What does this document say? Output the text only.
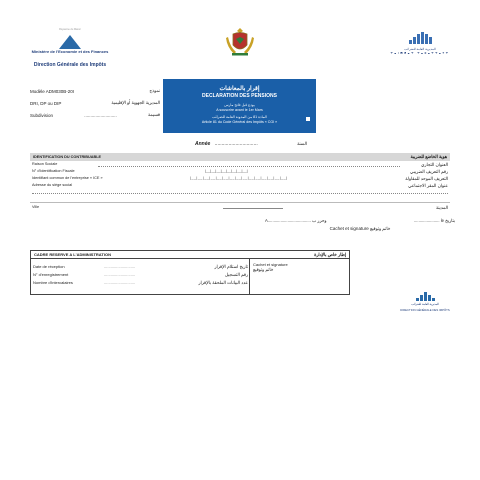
Royaume du Maroc
Ministère de l'Economie et des Finances
Direction Générale des Impôts
المديرية العامة للضرائب
ⵜⴰⵏⴱⴹⴰⵜ ⵜⴰⵎⴰⵜⵜⴰⵢⵜ
Modèle ADM030B-20I	نموذج
DRI, DP ou DIP	المديرية الجهوية أو الإقليمية
Subdivision	..........................	قسيمة
إقرار بالمعاشات
DECLARATION DES PENSIONS
يودع قبل فاتح مارس
A souscrire avant le 1er Mars
المادة 81 من المدونة العامة للضرائب
Article 81 du Code Général des Impôts « CGI »
Année ...............................	السنة
IDENTIFICATION DU CONTRIBUABLE	هوية الخاضع للضريبة
Raison Sociale	العنوان التجاري
N° d'Identification Fiscale	|__|__|__|__|__|__|__|__|	رقم التعريف الضريبي
Identifiant commun de l'entreprise « ICE »	|__|__|__|__|__|__|__|__|__|__|__|__|__|__|__|	التعريف الموحد للمقاولة
Adresse du siège social	عنوان المقر الاجتماعي
Ville	المدينة
A..................................... وحرر ب	...................... le بتاريخ
Cachet et signature خاتم وتوقيع
CADRE RESERVE A L'ADMINISTRATION	إطار خاص بالإدارة
Date de réception	............................	تاريخ استلام الإقرار
N° d'enregistrement	............................	رقم التسجيل
Nombre d'intercalaires	............................	عدد البيانات الملحقة بالإقرار
Cachet et signature
خاتم وتوقيع
المديرية العامة للضرائب
DIRECTION GÉNÉRALE DES IMPÔTS
